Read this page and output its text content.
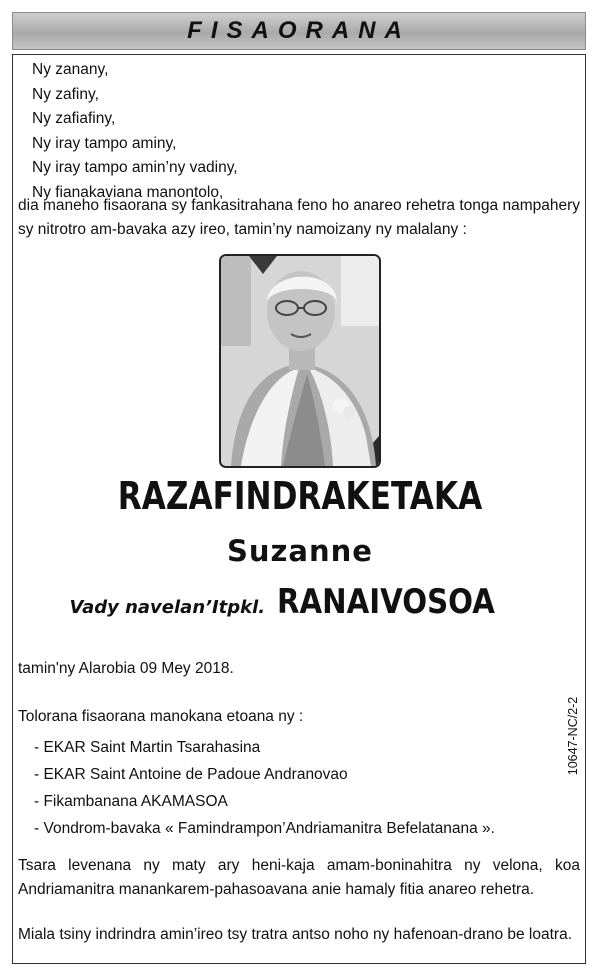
FISAORANA
Ny zanany,
Ny zafiny,
Ny zafiafiny,
Ny iray tampo aminy,
Ny iray tampo amin’ny vadiny,
Ny fianakaviana manontolo,
dia maneho fisaorana sy fankasitrahana feno ho anareo rehetra tonga nampahery sy nitrotro am-bavaka azy ireo, tamin’ny namoizany ny malalany :
RAZAFINDRAKETAKA
Suzanne
Vady navelan’Itpkl. RANAIVOSOA
tamin'ny Alarobia 09 Mey 2018.
Tolorana fisaorana manokana etoana ny :
- EKAR Saint Martin Tsarahasina
- EKAR Saint Antoine de Padoue Andranovao
- Fikambanana AKAMASOA
- Vondrom-bavaka « Famindrampon’Andriamanitra Befelatanana ».
10647-NC/2-2
Tsara levenana ny maty ary heni-kaja amam-boninahitra ny velona, koa Andriamanitra manankarem-pahasoavana anie hamaly fitia anareo rehetra.
Miala tsiny indrindra amin’ireo tsy tratra antso noho ny hafenoan-drano be loatra.
